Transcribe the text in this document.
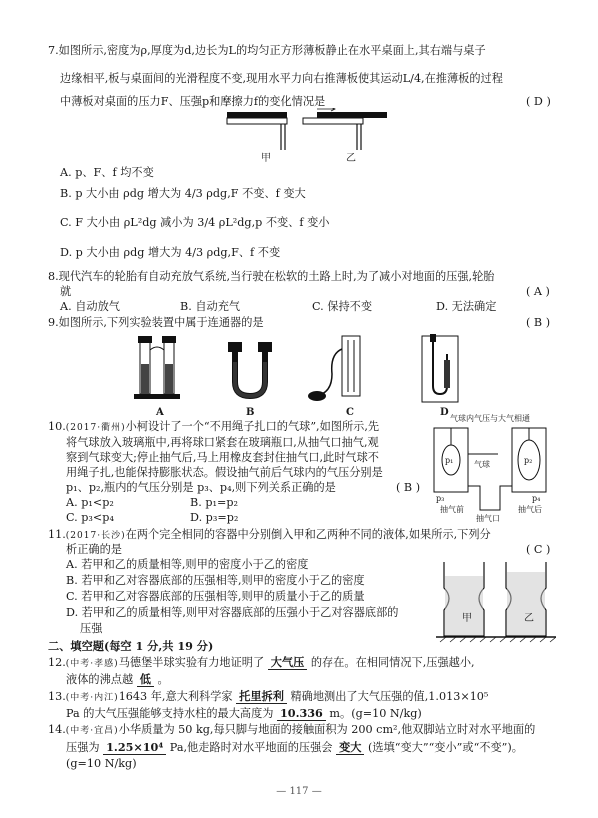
7.如图所示,密度为ρ,厚度为d,边长为L的均匀正方形薄板静止在水平桌面上,其右端与桌子
边缘相平,板与桌面间的光滑程度不变,现用水平力向右推薄板使其运动L/4,在推薄板的过程
中薄板对桌面的压力F、压强p和摩擦力f的变化情况是	( D )
甲	乙
A. p、F、f 均不变
B. p 大小由 ρdg 增大为 4/3 ρdg,F 不变、f 变大
C. F 大小由 ρL²dg 减小为 3/4 ρL²dg,p 不变、f 变小
D. p 大小由 ρdg 增大为 4/3 ρdg,F、f 不变
8.现代汽车的轮胎有自动充放气系统,当行驶在松软的土路上时,为了减小对地面的压强,轮胎
就	( A )
A. 自动放气	B. 自动充气	C. 保持不变	D. 无法确定
9.如图所示,下列实验装置中属于连通器的是	( B )
A	B	C	D
10.(2017·衢州)小柯设计了一个“不用绳子扎口的气球”,如图所示,先
将气球放入玻璃瓶中,再将球口紧套在玻璃瓶口,从抽气口抽气,观
察到气球变大;停止抽气后,马上用橡皮套封住抽气口,此时气球不
用绳子扎,也能保持膨胀状态。假设抽气前后气球内的气压分别是
p₁、p₂,瓶内的气压分别是 p₃、p₄,则下列关系正确的是	( B )
A. p₁<p₂	B. p₁=p₂
C. p₃<p₄	D. p₃=p₂
气球内气压与大气相通
气球
p₁	p₂
p₃	p₄
抽气前
抽气口
抽气后
11.(2017·长沙)在两个完全相同的容器中分别倒入甲和乙两种不同的液体,如果所示,下列分
析正确的是	( C )
A. 若甲和乙的质量相等,则甲的密度小于乙的密度
B. 若甲和乙对容器底部的压强相等,则甲的密度小于乙的密度
C. 若甲和乙对容器底部的压强相等,则甲的质量小于乙的质量
D. 若甲和乙的质量相等,则甲对容器底部的压强小于乙对容器底部的
压强
甲	乙
二、填空题(每空 1 分,共 19 分)
12.(中考·孝感)马德堡半球实验有力地证明了 大气压 的存在。在相同情况下,压强越小,
液体的沸点越 低 。
13.(中考·内江)1643 年,意大利科学家 托里拆利 精确地测出了大气压强的值,1.013×10⁵
Pa 的大气压强能够支持水柱的最大高度为 10.336 m。(g=10 N/kg)
14.(中考·宜昌)小华质量为 50 kg,每只脚与地面的接触面积为 200 cm²,他双脚站立时对水平地面的
压强为 1.25×10⁴ Pa,他走路时对水平地面的压强会 变大 (选填“变大”“变小”或“不变”)。
(g=10 N/kg)
— 117 —
